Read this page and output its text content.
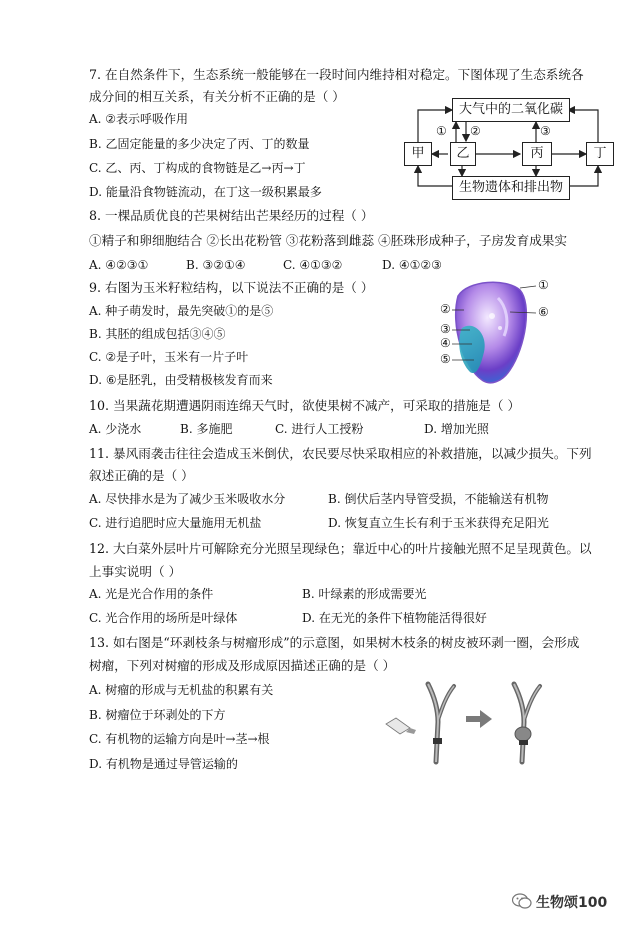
7. 在自然条件下，生态系统一般能够在一段时间内维持相对稳定。下图体现了生态系统各
成分间的相互关系，有关分析不正确的是（ ）
A. ②表示呼吸作用
B. 乙固定能量的多少决定了丙、丁的数量
C. 乙、丙、丁构成的食物链是乙→丙→丁
D. 能量沿食物链流动，在丁这一级积累最多
大气中的二氧化碳
甲	乙	丙	丁
生物遗体和排出物
① ②	③
8. 一棵品质优良的芒果树结出芒果经历的过程（ ）
①精子和卵细胞结合 ②长出花粉管 ③花粉落到雌蕊 ④胚珠形成种子，子房发育成果实
A. ④②③①	B. ③②①④	C. ④①③②	D. ④①②③
9. 右图为玉米籽粒结构，以下说法不正确的是（ ）
A. 种子萌发时，最先突破①的是⑤
B. 其胚的组成包括③④⑤
C. ②是子叶，玉米有一片子叶
D. ⑥是胚乳，由受精极核发育而来
①
②
③
④
⑤
⑥
10. 当果蔬花期遭遇阴雨连绵天气时，欲使果树不减产，可采取的措施是（ ）
A. 少浇水	B. 多施肥	C. 进行人工授粉	D. 增加光照
11. 暴风雨袭击往往会造成玉米倒伏，农民要尽快采取相应的补救措施，以减少损失。下列
叙述正确的是（ ）
A. 尽快排水是为了减少玉米吸收水分	B. 倒伏后茎内导管受损，不能输送有机物
C. 进行追肥时应大量施用无机盐	D. 恢复直立生长有利于玉米获得充足阳光
12. 大白菜外层叶片可解除充分光照呈现绿色；靠近中心的叶片接触光照不足呈现黄色。以
上事实说明（ ）
A. 光是光合作用的条件	B. 叶绿素的形成需要光
C. 光合作用的场所是叶绿体	D. 在无光的条件下植物能活得很好
13. 如右图是“环剥枝条与树瘤形成”的示意图，如果树木枝条的树皮被环剥一圈，会形成
树瘤，下列对树瘤的形成及形成原因描述正确的是（ ）
A. 树瘤的形成与无机盐的积累有关
B. 树瘤位于环剥处的下方
C. 有机物的运输方向是叶→茎→根
D. 有机物是通过导管运输的
生物颂100
